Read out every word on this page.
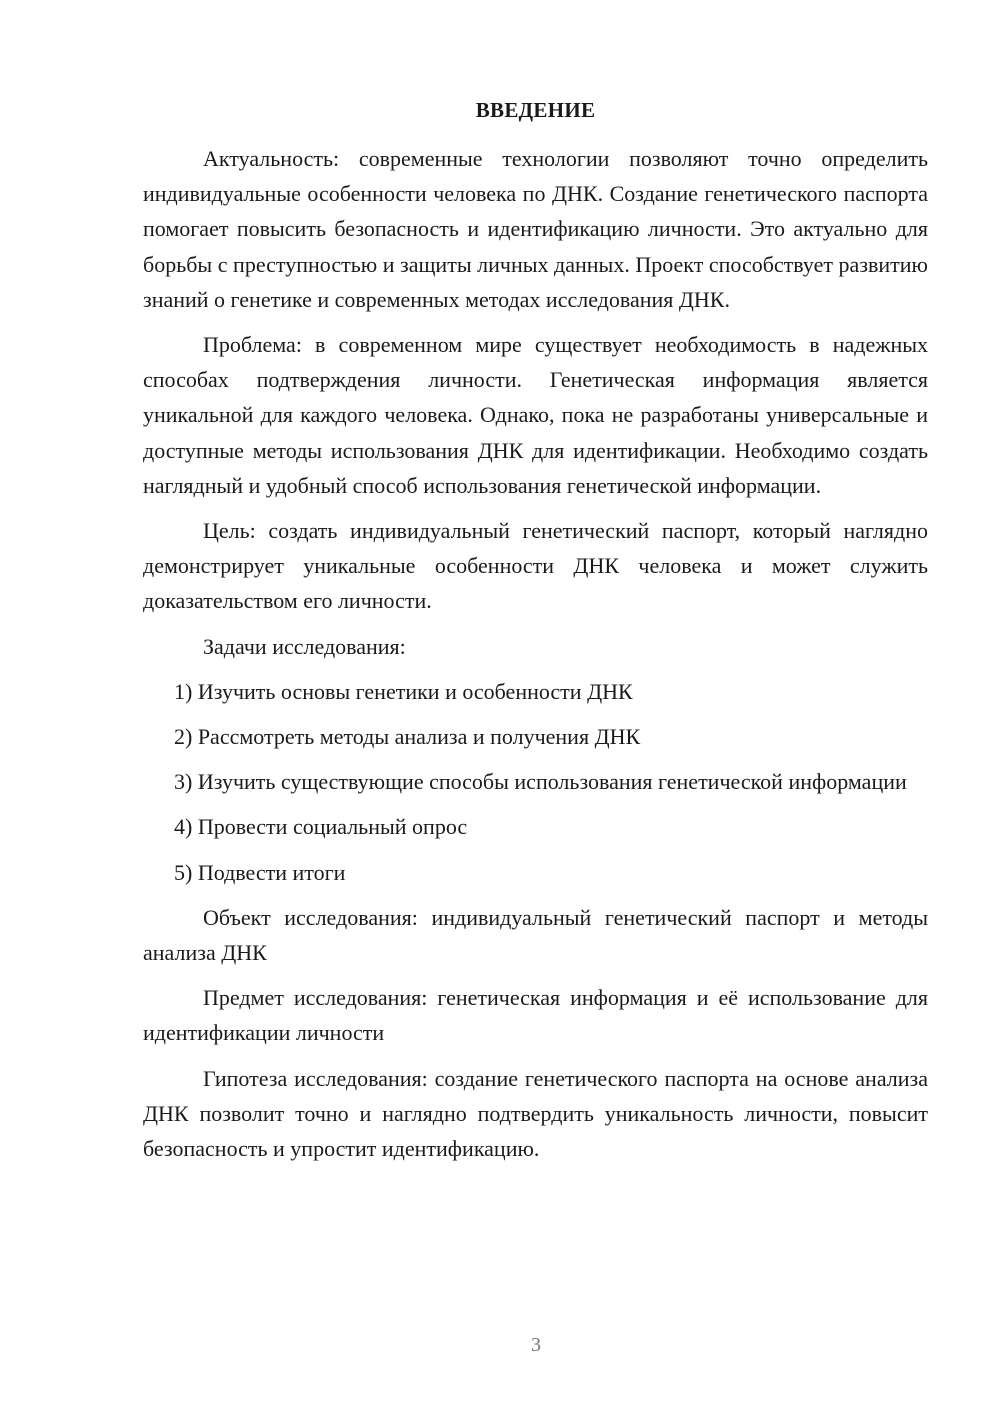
ВВЕДЕНИЕ

Актуальность: современные технологии позволяют точно определить индивидуальные особенности человека по ДНК. Создание генетического паспорта помогает повысить безопасность и идентификацию личности. Это актуально для борьбы с преступностью и защиты личных данных. Проект способствует развитию знаний о генетике и современных методах исследования ДНК.

Проблема: в современном мире существует необходимость в надежных способах подтверждения личности. Генетическая информация является уникальной для каждого человека. Однако, пока не разработаны универсальные и доступные методы использования ДНК для идентификации. Необходимо создать наглядный и удобный способ использования генетической информации.

Цель: создать индивидуальный генетический паспорт, который наглядно демонстрирует уникальные особенности ДНК человека и может служить доказательством его личности.

Задачи исследования:

1) Изучить основы генетики и особенности ДНК

2) Рассмотреть методы анализа и получения ДНК

3) Изучить существующие способы использования генетической информации

4) Провести социальный опрос

5) Подвести итоги

Объект исследования: индивидуальный генетический паспорт и методы анализа ДНК

Предмет исследования: генетическая информация и её использование для идентификации личности

Гипотеза исследования: создание генетического паспорта на основе анализа ДНК позволит точно и наглядно подтвердить уникальность личности, повысит безопасность и упростит идентификацию.

3
